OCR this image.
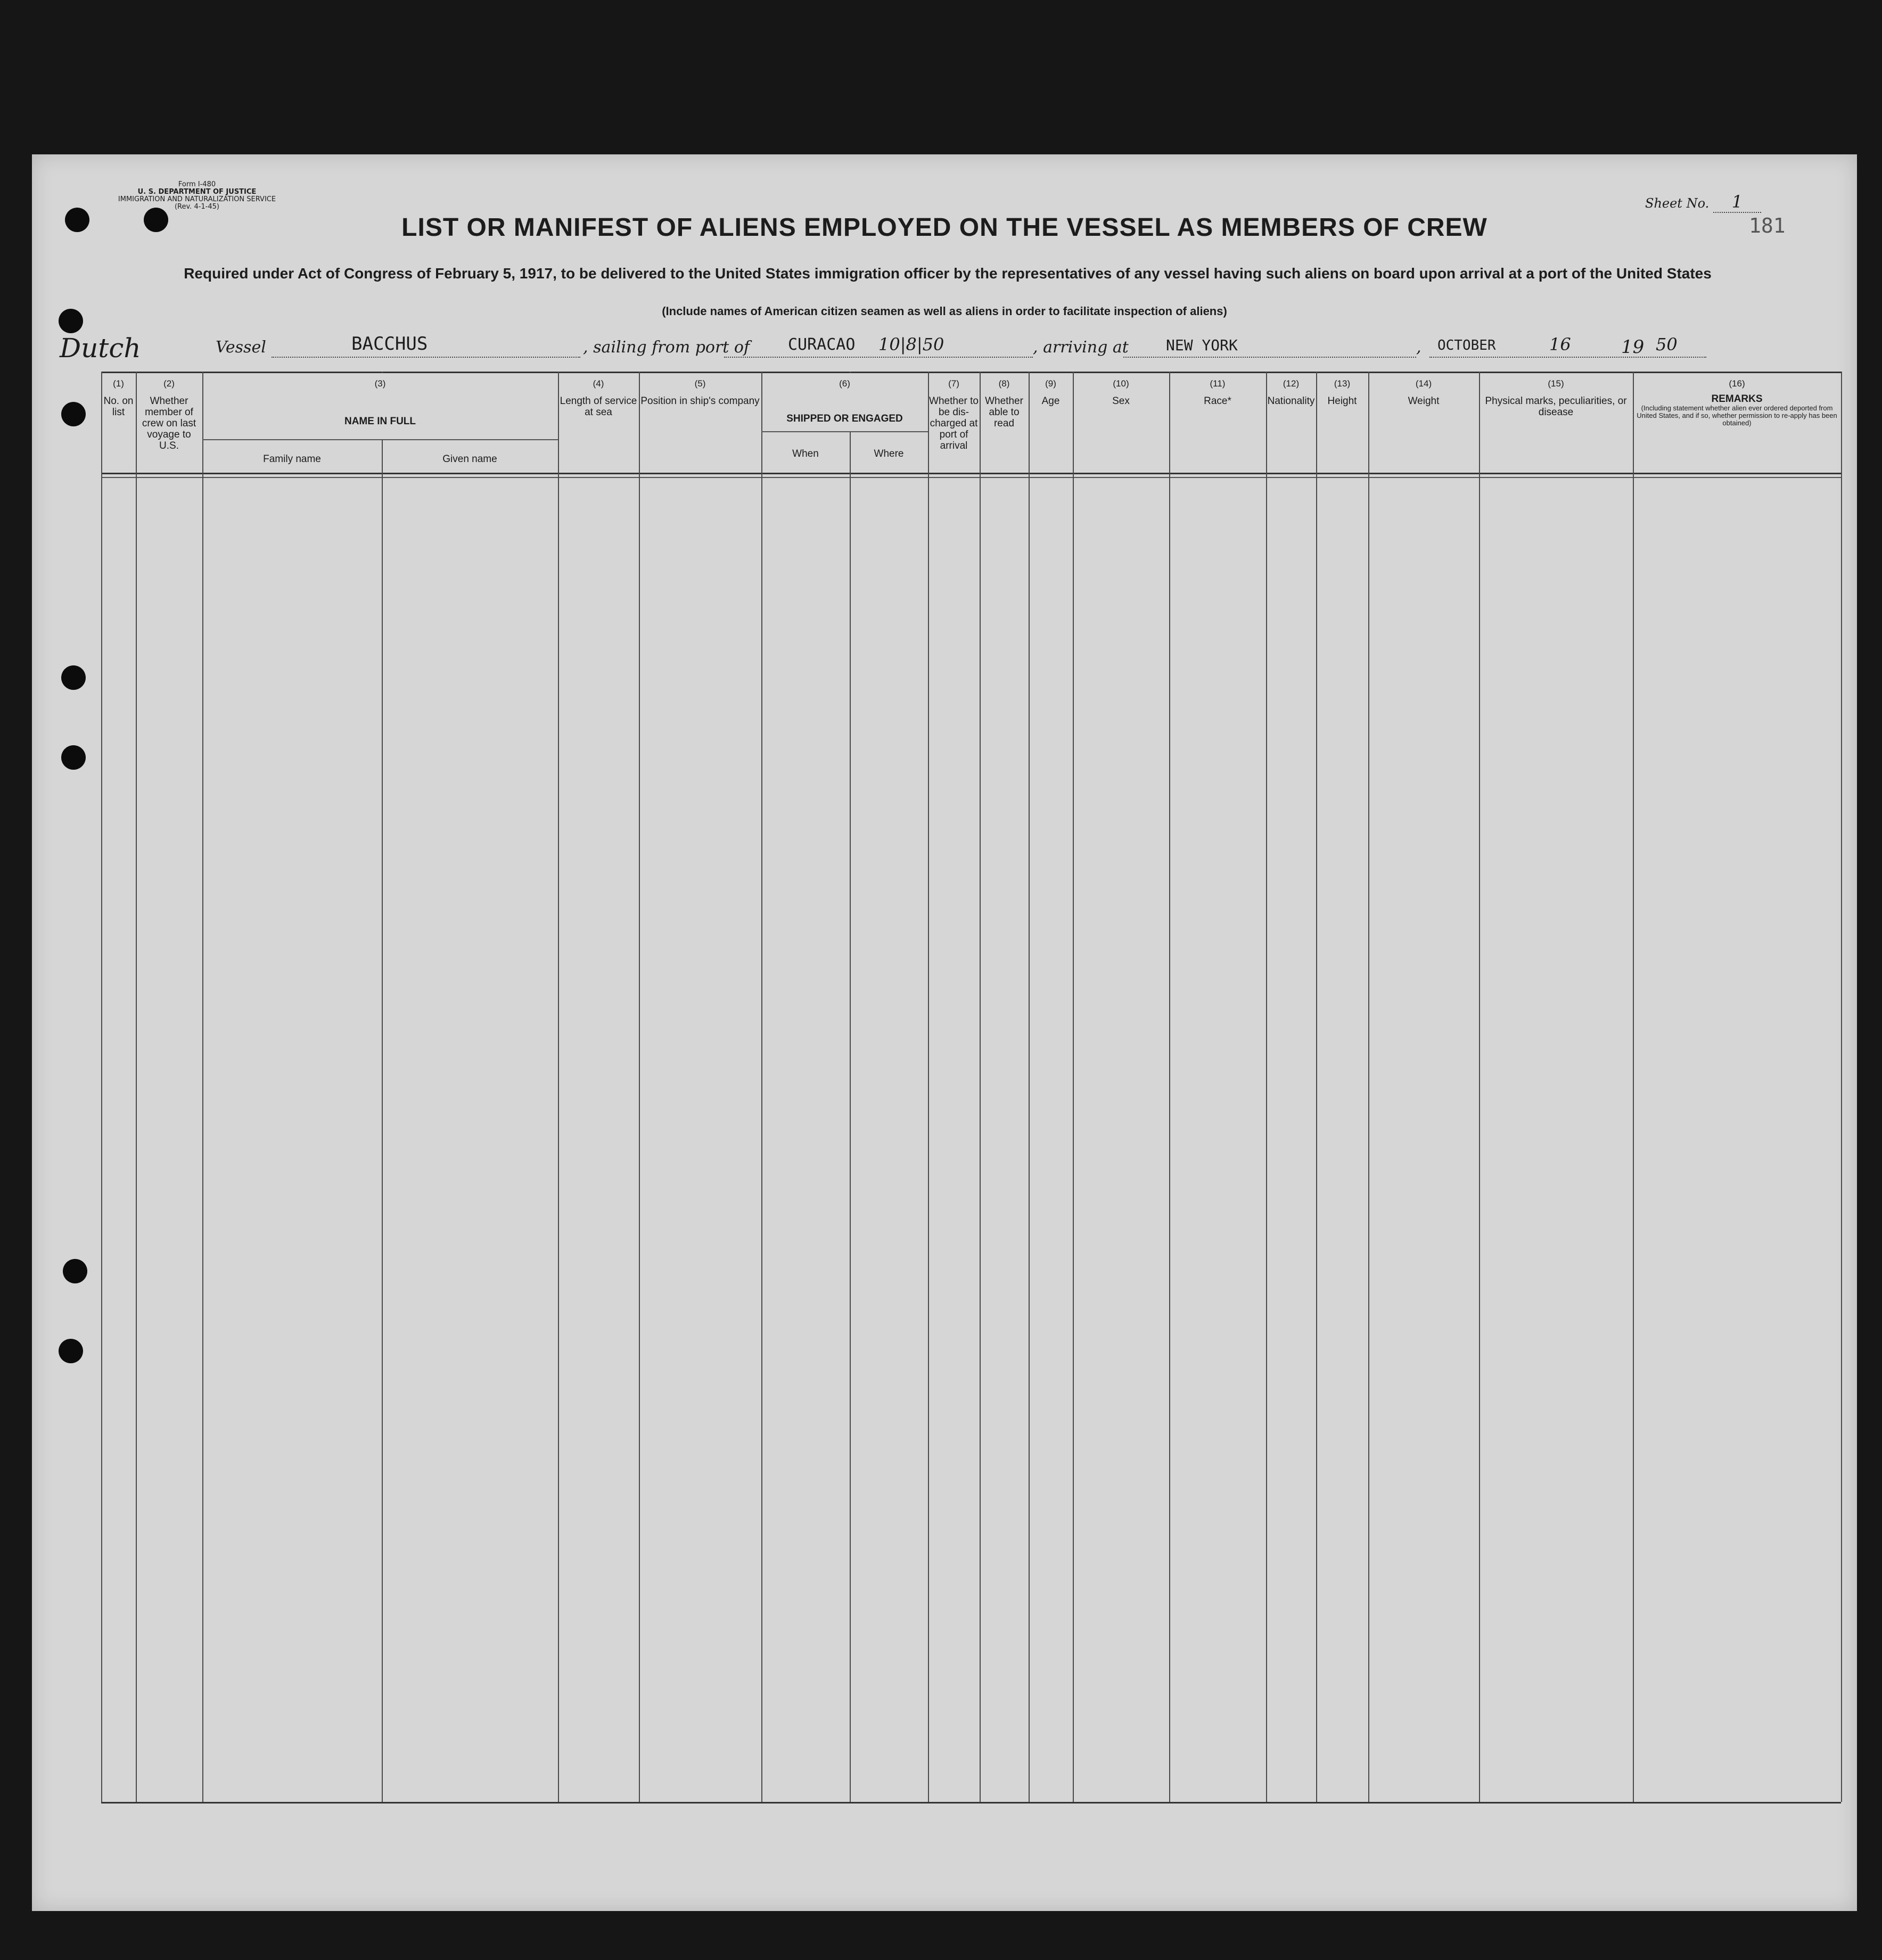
Form I-480
U. S. DEPARTMENT OF JUSTICE
IMMIGRATION AND NATURALIZATION SERVICE
(Rev. 4-1-45)	Sheet No. 1
181
LIST OR MANIFEST OF ALIENS EMPLOYED ON THE VESSEL AS MEMBERS OF CREW
Required under Act of Congress of February 5, 1917, to be delivered to the United States immigration officer by the representatives of any vessel having such aliens on board upon arrival at a port of the United States
(Include names of American citizen seamen as well as aliens in order to facilitate inspection of aliens)
Dutch	Vessel	BACCHUS	, sailing from port of CURACAO 10|8|50	, arriving at	NEW YORK	, OCTOBER	16	19 50
(1)
No. on list
(2)
Whether member of crew on last voyage to U.S.
(3)
NAME IN FULL
Family name	Given name
(4)
Length of service at sea
(5)
Position in ship's company
(6)
SHIPPED OR ENGAGED
When	Where
(7)
Whether to be dis-charged at port of arrival
(8)
Whether able to read
(9)
Age
(10)
Sex
(11)
Race*
(12)
Nationality
(13)
Height
(14)
Weight
(15)
Physical marks, peculiarities, or disease
(16)
REMARKS
(Including statement whether alien ever ordered deported from United States, and if so, whether permission to re-apply has been obtained)
